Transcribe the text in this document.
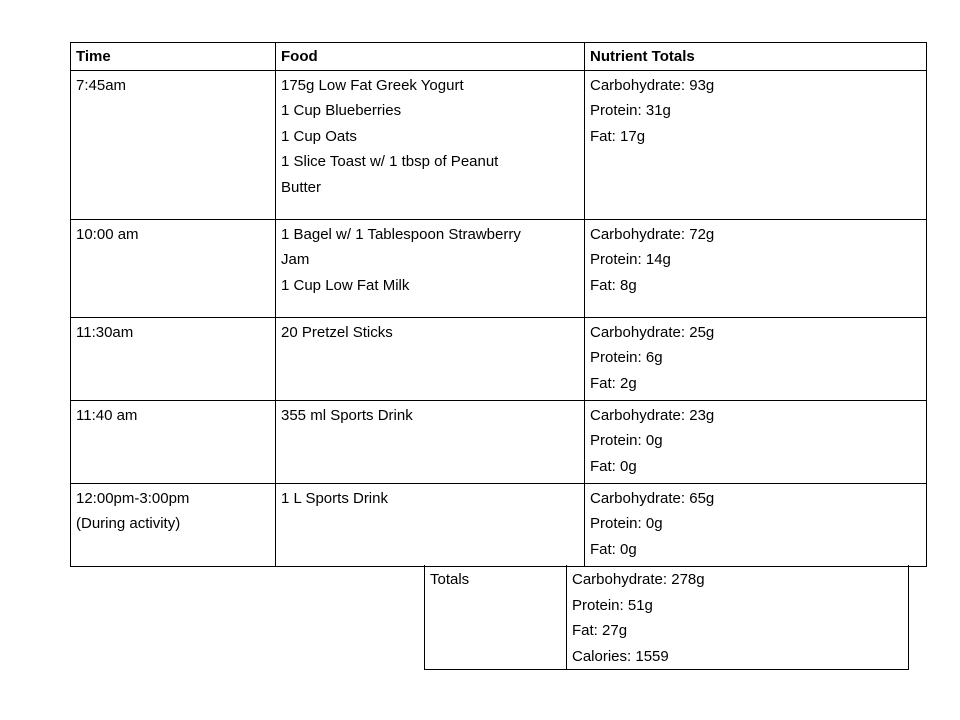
Time	Food	Nutrient Totals

7:45am	175g Low Fat Greek Yogurt
1 Cup Blueberries
1 Cup Oats
1 Slice Toast w/ 1 tbsp of Peanut
Butter	Carbohydrate: 93g
Protein: 31g
Fat: 17g

10:00 am	1 Bagel w/ 1 Tablespoon Strawberry
Jam
1 Cup Low Fat Milk	Carbohydrate: 72g
Protein: 14g
Fat: 8g

11:30am	20 Pretzel Sticks	Carbohydrate: 25g
Protein: 6g
Fat: 2g

11:40 am	355 ml Sports Drink	Carbohydrate: 23g
Protein: 0g
Fat: 0g

12:00pm-3:00pm
(During activity)	1 L Sports Drink	Carbohydrate: 65g
Protein: 0g
Fat: 0g
Totals	Carbohydrate: 278g
Protein: 51g
Fat: 27g
Calories: 1559
